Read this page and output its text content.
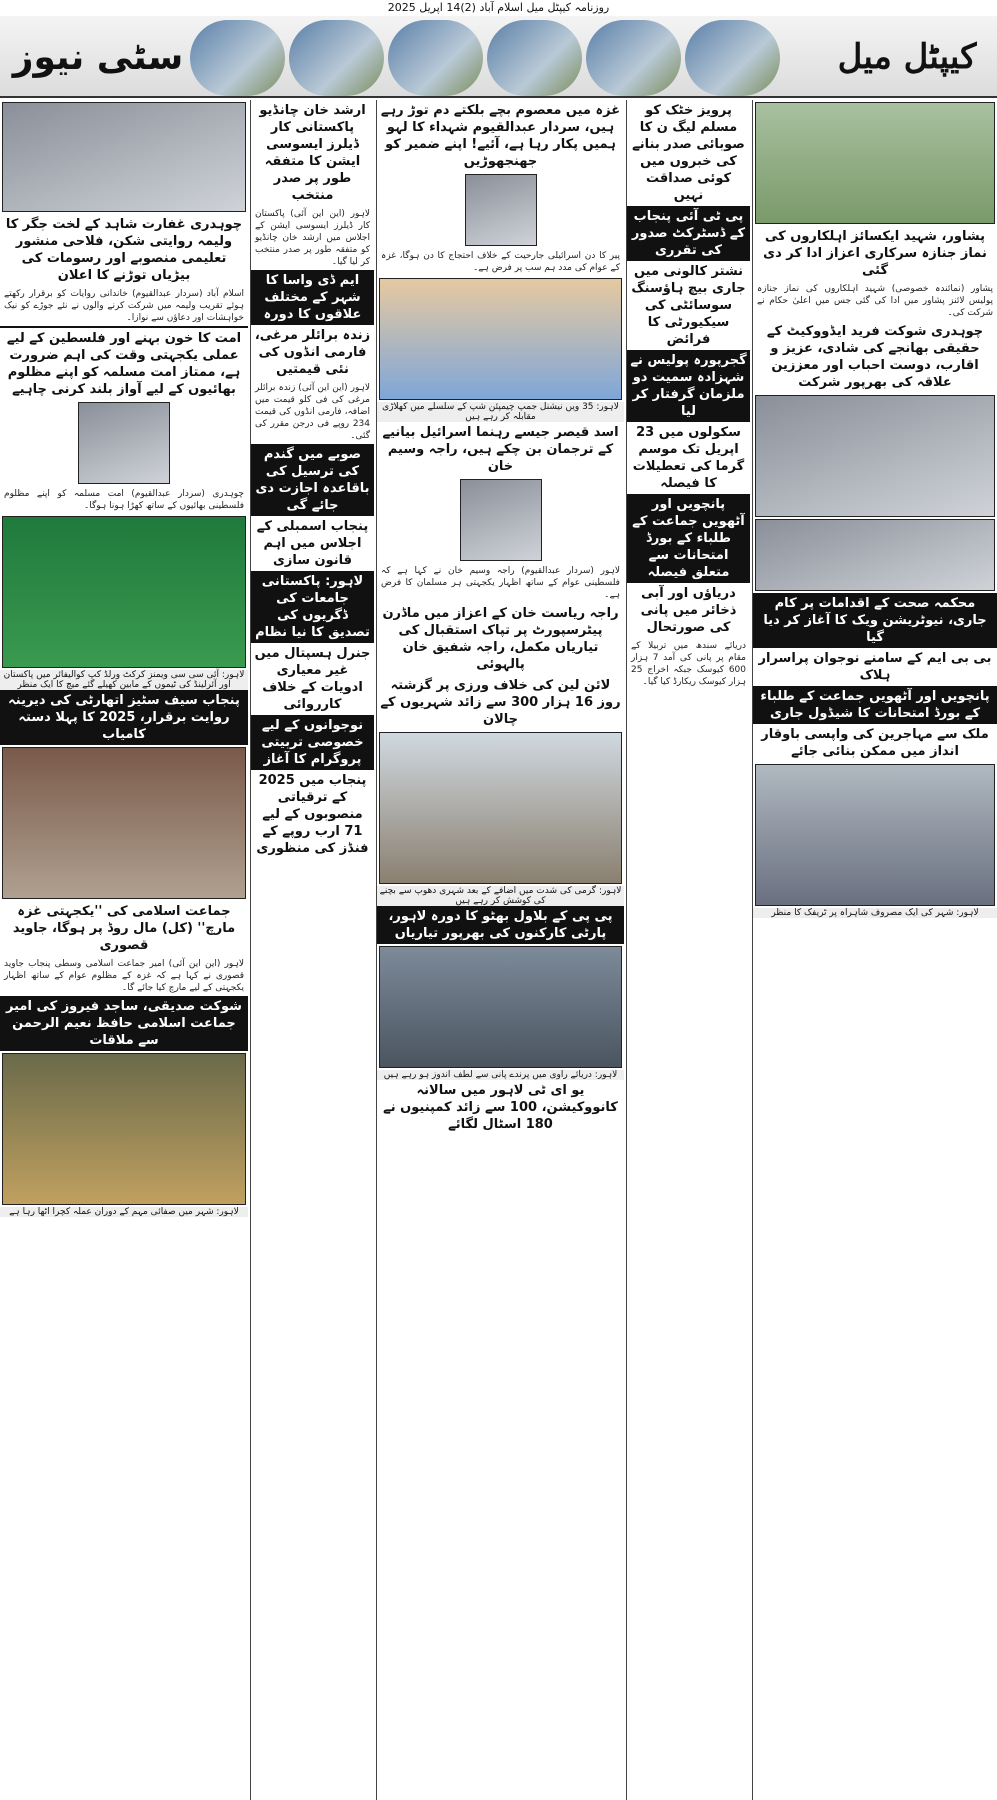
روزنامہ کیپٹل میل اسلام آباد (2)14 اپریل 2025
کیپٹل میل
سٹی نیوز
چوہدری غفارت شاہد کے لخت جگر کا ولیمہ روایتی شکن، فلاحی منشور تعلیمی منصوبے اور رسومات کی بیڑیاں توڑنے کا اعلان
اسلام آباد (سردار عبدالقیوم) خاندانی روایات کو برقرار رکھتے ہوئے تقریب ولیمہ میں شرکت کرنے والوں نے نئے جوڑے کو نیک خواہشات اور دعاؤں سے نوازا۔
امت کا خون بہنے اور فلسطین کے لیے عملی یکجہتی وقت کی اہم ضرورت ہے، ممتاز امت مسلمہ کو اپنے مظلوم بھائیوں کے لیے آواز بلند کرنی چاہیے
چوہدری (سردار عبدالقیوم) امت مسلمہ کو اپنے مظلوم فلسطینی بھائیوں کے ساتھ کھڑا ہونا ہوگا۔
لاہور: آئی سی سی ویمنز کرکٹ ورلڈ کپ کوالیفائر میں پاکستان اور آئرلینڈ کی ٹیموں کے مابین کھیلے گئے میچ کا ایک منظر
پنجاب سیف سٹیز اتھارٹی کی دیرینہ روایت برقرار، 2025 کا پہلا دستہ کامیاب
جماعت اسلامی کی ''یکجہتی غزہ مارچ'' (کل) مال روڈ پر ہوگا، جاوید قصوری
لاہور (این این آئی) امیر جماعت اسلامی وسطی پنجاب جاوید قصوری نے کہا ہے کہ غزہ کے مظلوم عوام کے ساتھ اظہار یکجہتی کے لیے مارچ کیا جائے گا۔
شوکت صدیقی، ساجد فیروز کی امیر جماعت اسلامی حافظ نعیم الرحمن سے ملاقات
لاہور: شہر میں صفائی مہم کے دوران عملہ کچرا اٹھا رہا ہے
ارشد خان چانڈیو پاکستانی کار ڈیلرز ایسوسی ایشن کا متفقہ طور پر صدر منتخب
لاہور (این این آئی) پاکستان کار ڈیلرز ایسوسی ایشن کے اجلاس میں ارشد خان چانڈیو کو متفقہ طور پر صدر منتخب کر لیا گیا۔
ایم ڈی واسا کا شہر کے مختلف علاقوں کا دورہ
زندہ برائلر مرغی، فارمی انڈوں کی نئی قیمتیں
لاہور (این این آئی) زندہ برائلر مرغی کی فی کلو قیمت میں اضافہ، فارمی انڈوں کی قیمت 234 روپے فی درجن مقرر کی گئی۔
صوبے میں گندم کی ترسیل کی باقاعدہ اجازت دی جائے گی
پنجاب اسمبلی کے اجلاس میں اہم قانون سازی
لاہور: پاکستانی جامعات کی ڈگریوں کی تصدیق کا نیا نظام
جنرل ہسپتال میں غیر معیاری ادویات کے خلاف کارروائی
نوجوانوں کے لیے خصوصی تربیتی پروگرام کا آغاز
پنجاب میں 2025 کے ترقیاتی منصوبوں کے لیے 71 ارب روپے کے فنڈز کی منظوری
غزہ میں معصوم بچے بلکتے دم توڑ رہے ہیں، سردار عبدالقیوم شہداء کا لہو ہمیں پکار رہا ہے، آئیے! اپنے ضمیر کو جھنجھوڑیں
پیر کا دن اسرائیلی جارحیت کے خلاف احتجاج کا دن ہوگا، غزہ کے عوام کی مدد ہم سب پر فرض ہے۔
لاہور: 35 ویں نیشنل جمپ چیمپئن شپ کے سلسلے میں کھلاڑی مقابلہ کر رہے ہیں
اسد قیصر جیسے رہنما اسرائیل بیانیے کے ترجمان بن چکے ہیں، راجہ وسیم خان
لاہور (سردار عبدالقیوم) راجہ وسیم خان نے کہا ہے کہ فلسطینی عوام کے ساتھ اظہار یکجہتی ہر مسلمان کا فرض ہے۔
راجہ ریاست خان کے اعزاز میں ماڈرن پیٹرسپورٹ پر تپاک استقبال کی تیاریاں مکمل، راجہ شفیق خان پالہوئی
لائن لین کی خلاف ورزی پر گزشتہ روز 16 ہزار 300 سے زائد شہریوں کے چالان
لاہور: گرمی کی شدت میں اضافے کے بعد شہری دھوپ سے بچنے کی کوشش کر رہے ہیں
پی پی کے بلاول بھٹو کا دورہ لاہور، پارٹی کارکنوں کی بھرپور تیاریاں
لاہور: دریائے راوی میں پرندے پانی سے لطف اندوز ہو رہے ہیں
یو ای ٹی لاہور میں سالانہ کانووکیشن، 100 سے زائد کمپنیوں نے 180 اسٹال لگائے
پرویز خٹک کو مسلم لیگ ن کا صوبائی صدر بنانے کی خبروں میں کوئی صداقت نہیں
پی ٹی آئی پنجاب کے ڈسٹرکٹ صدور کی تقرری
نشتر کالونی میں جاری بیچ ہاؤسنگ سوسائٹی کی سیکیورٹی کا فرائض
گجرپورہ پولیس نے شہزادہ سمیت دو ملزمان گرفتار کر لیا
سکولوں میں 23 اپریل تک موسم گرما کی تعطیلات کا فیصلہ
پانچویں اور آٹھویں جماعت کے طلباء کے بورڈ امتحانات سے متعلق فیصلہ
دریاؤں اور آبی ذخائر میں پانی کی صورتحال
دریائے سندھ میں تربیلا کے مقام پر پانی کی آمد 7 ہزار 600 کیوسک جبکہ اخراج 25 ہزار کیوسک ریکارڈ کیا گیا۔
پشاور، شہید ایکسائز اہلکاروں کی نماز جنازہ سرکاری اعزاز ادا کر دی گئی
پشاور (نمائندہ خصوصی) شہید اہلکاروں کی نماز جنازہ پولیس لائنز پشاور میں ادا کی گئی جس میں اعلیٰ حکام نے شرکت کی۔
چوہدری شوکت فرید ایڈووکیٹ کے حقیقی بھانجے کی شادی، عزیز و اقارب، دوست احباب اور معززین علاقہ کی بھرپور شرکت
محکمہ صحت کے اقدامات پر کام جاری، نیوٹریشن ویک کا آغاز کر دیا گیا
بی بی ایم کے سامنے نوجوان پراسرار ہلاک
پانچویں اور آٹھویں جماعت کے طلباء کے بورڈ امتحانات کا شیڈول جاری
ملک سے مہاجرین کی واپسی باوقار انداز میں ممکن بنائی جائے
لاہور: شہر کی ایک مصروف شاہراہ پر ٹریفک کا منظر
